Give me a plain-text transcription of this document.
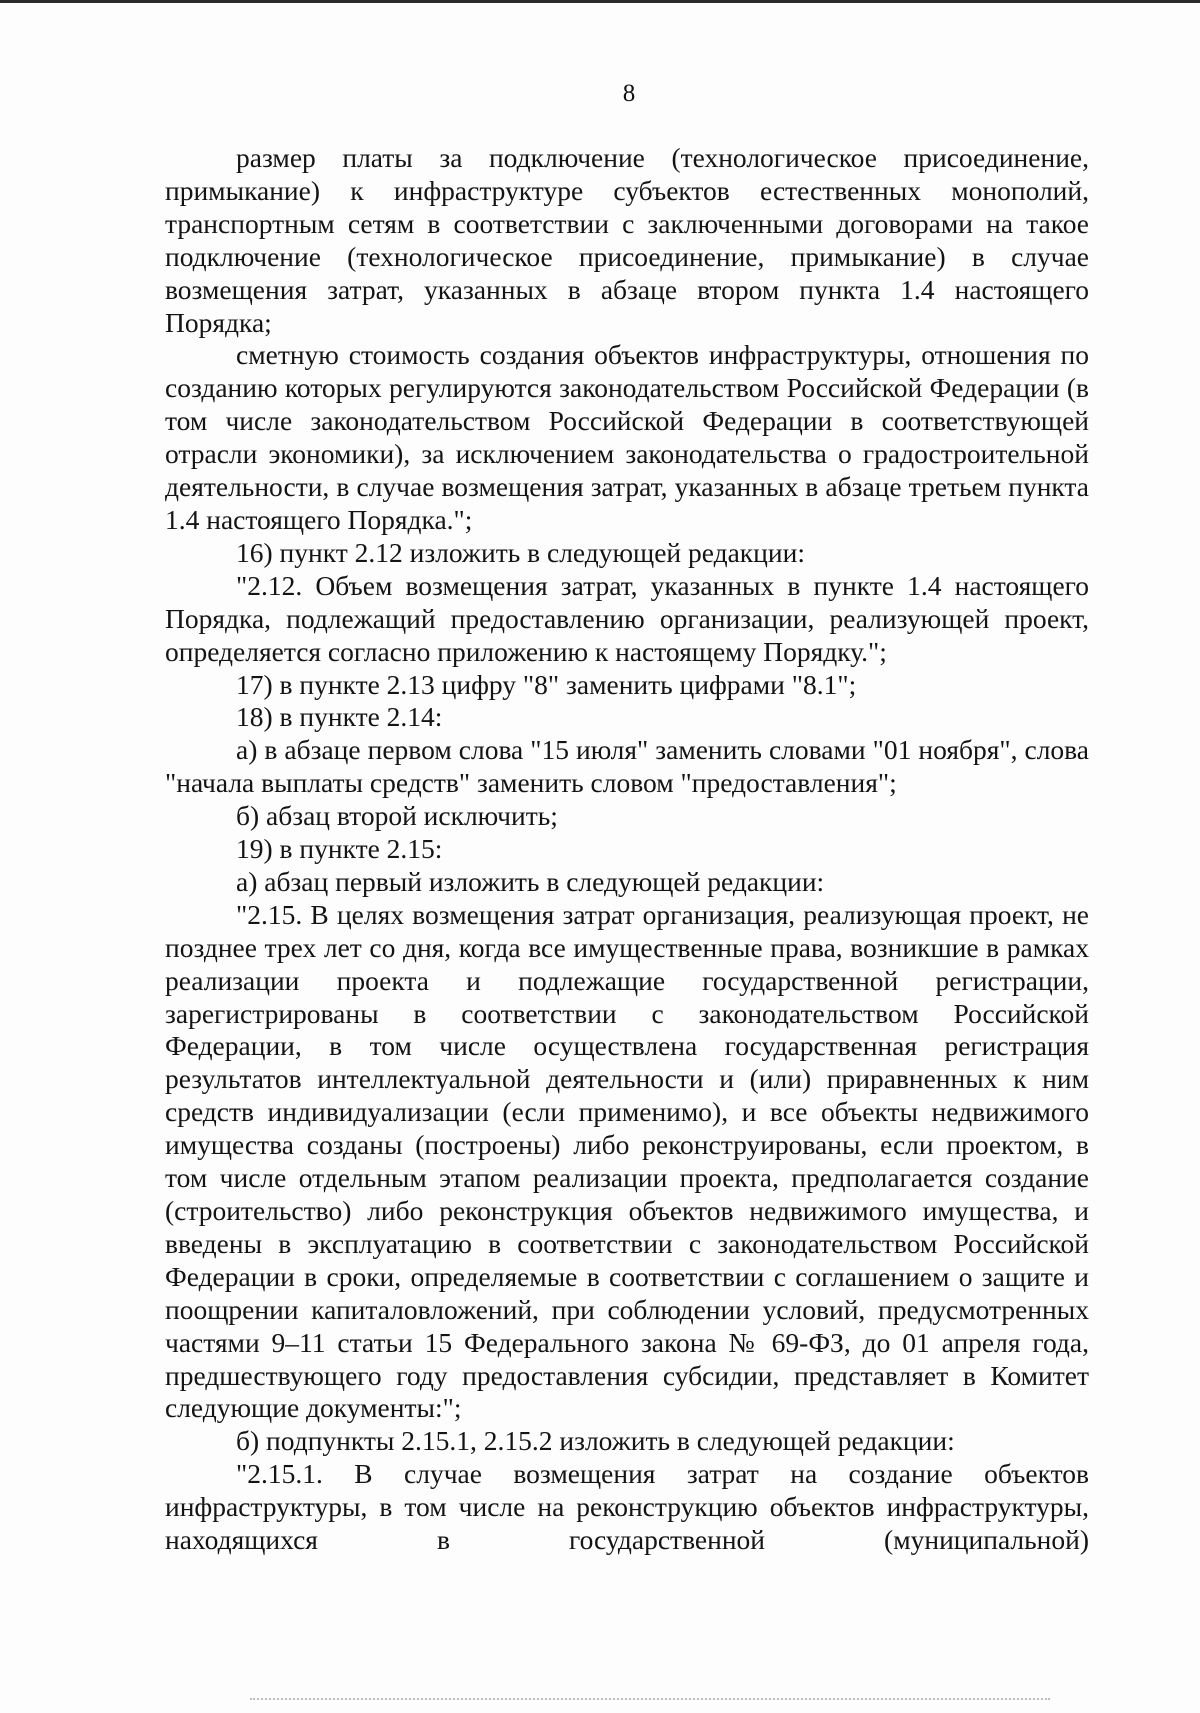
8

размер платы за подключение (технологическое присоединение, примыкание) к инфраструктуре субъектов естественных монополий, транспортным сетям в соответствии с заключенными договорами на такое подключение (технологическое присоединение, примыкание) в случае возмещения затрат, указанных в абзаце втором пункта 1.4 настоящего Порядка;

сметную стоимость создания объектов инфраструктуры, отношения по созданию которых регулируются законодательством Российской Федерации (в том числе законодательством Российской Федерации в соответствующей отрасли экономики), за исключением законодательства о градостроительной деятельности, в случае возмещения затрат, указанных в абзаце третьем пункта 1.4 настоящего Порядка.";

16) пункт 2.12 изложить в следующей редакции:

"2.12. Объем возмещения затрат, указанных в пункте 1.4 настоящего Порядка, подлежащий предоставлению организации, реализующей проект, определяется согласно приложению к настоящему Порядку.";

17) в пункте 2.13 цифру "8" заменить цифрами "8.1";

18) в пункте 2.14:

а) в абзаце первом слова "15 июля" заменить словами "01 ноября", слова "начала выплаты средств" заменить словом "предоставления";

б) абзац второй исключить;

19) в пункте 2.15:

а) абзац первый изложить в следующей редакции:

"2.15. В целях возмещения затрат организация, реализующая проект, не позднее трех лет со дня, когда все имущественные права, возникшие в рамках реализации проекта и подлежащие государственной регистрации, зарегистрированы в соответствии с законодательством Российской Федерации, в том числе осуществлена государственная регистрация результатов интеллектуальной деятельности и (или) приравненных к ним средств индивидуализации (если применимо), и все объекты недвижимого имущества созданы (построены) либо реконструированы, если проектом, в том числе отдельным этапом реализации проекта, предполагается создание (строительство) либо реконструкция объектов недвижимого имущества, и введены в эксплуатацию в соответствии с законодательством Российской Федерации в сроки, определяемые в соответствии с соглашением о защите и поощрении капиталовложений, при соблюдении условий, предусмотренных частями 9–11 статьи 15 Федерального закона № 69-ФЗ, до 01 апреля года, предшествующего году предоставления субсидии, представляет в Комитет следующие документы:";

б) подпункты 2.15.1, 2.15.2 изложить в следующей редакции:

"2.15.1. В случае возмещения затрат на создание объектов инфраструктуры, в том числе на реконструкцию объектов инфраструктуры, находящихся в государственной (муниципальной)
